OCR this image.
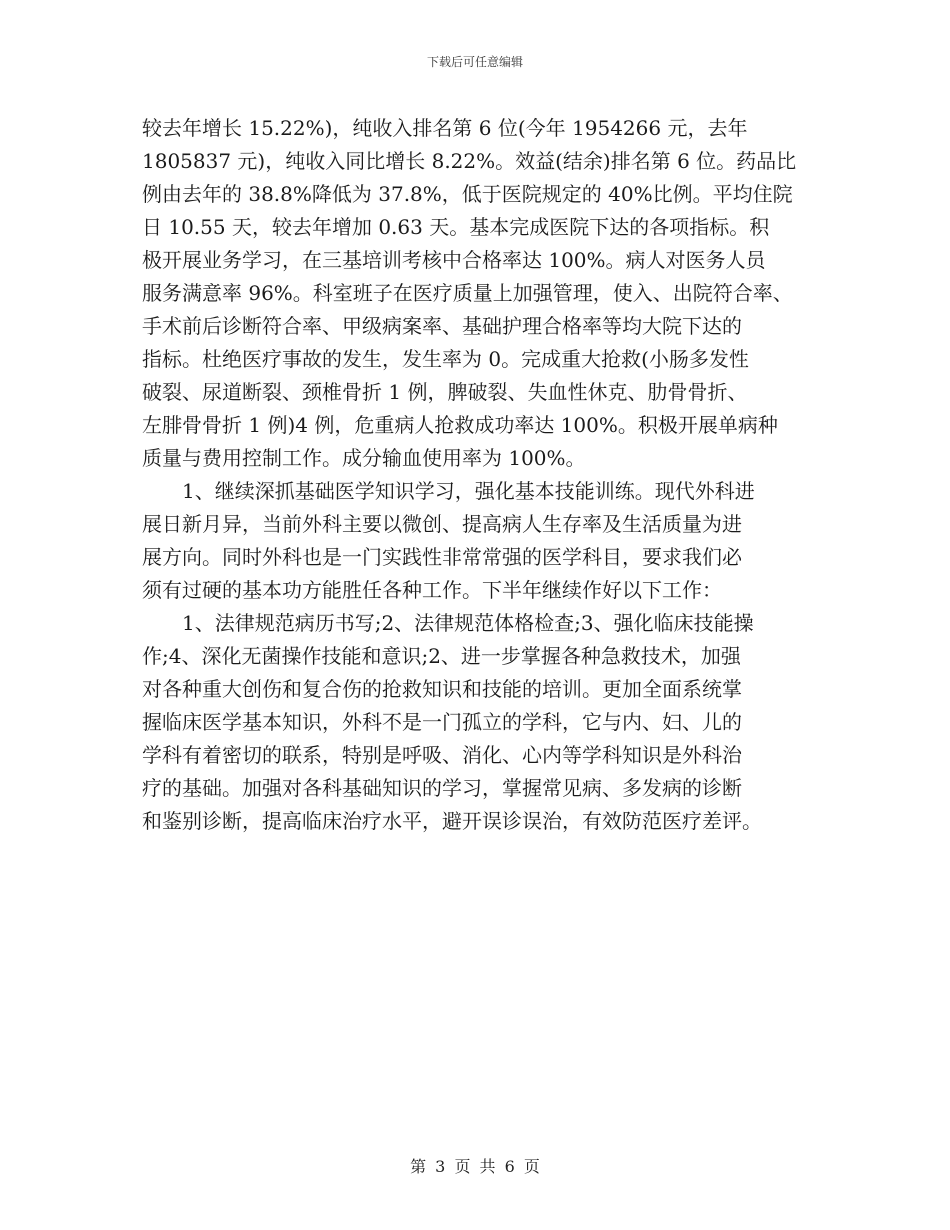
下载后可任意编辑
较去年增长 15.22%)，纯收入排名第 6 位(今年 1954266 元，去年
1805837 元)，纯收入同比增长 8.22%。效益(结余)排名第 6 位。药品比
例由去年的 38.8%降低为 37.8%，低于医院规定的 40%比例。平均住院
日 10.55 天，较去年增加 0.63 天。基本完成医院下达的各项指标。积
极开展业务学习，在三基培训考核中合格率达 100%。病人对医务人员
服务满意率 96%。科室班子在医疗质量上加强管理，使入、出院符合率、
手术前后诊断符合率、甲级病案率、基础护理合格率等均大院下达的
指标。杜绝医疗事故的发生，发生率为 0。完成重大抢救(小肠多发性
破裂、尿道断裂、颈椎骨折 1 例，脾破裂、失血性休克、肋骨骨折、
左腓骨骨折 1 例)4 例，危重病人抢救成功率达 100%。积极开展单病种
质量与费用控制工作。成分输血使用率为 100%。
1、继续深抓基础医学知识学习，强化基本技能训练。现代外科进
展日新月异，当前外科主要以微创、提高病人生存率及生活质量为进
展方向。同时外科也是一门实践性非常常强的医学科目，要求我们必
须有过硬的基本功方能胜任各种工作。下半年继续作好以下工作：
1、法律规范病历书写;2、法律规范体格检查;3、强化临床技能操
作;4、深化无菌操作技能和意识;2、进一步掌握各种急救技术，加强
对各种重大创伤和复合伤的抢救知识和技能的培训。更加全面系统掌
握临床医学基本知识，外科不是一门孤立的学科，它与内、妇、儿的
学科有着密切的联系，特别是呼吸、消化、心内等学科知识是外科治
疗的基础。加强对各科基础知识的学习，掌握常见病、多发病的诊断
和鉴别诊断，提高临床治疗水平，避开误诊误治，有效防范医疗差评。
第 3 页 共 6 页
